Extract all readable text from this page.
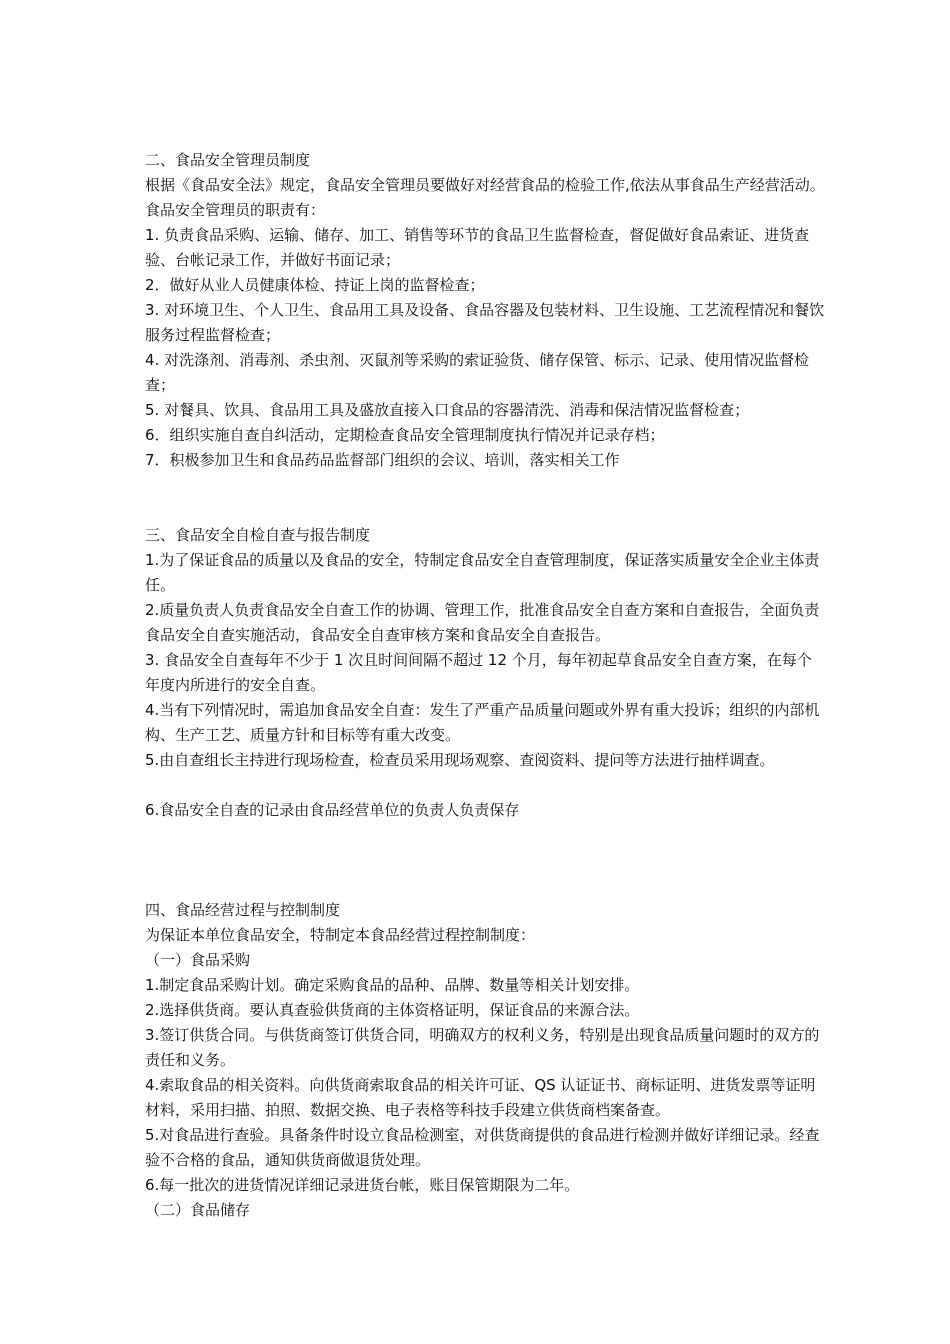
二、食品安全管理员制度

根据《食品安全法》规定，食品安全管理员要做好对经营食品的检验工作,依法从事食品生产经营活动。食品安全管理员的职责有：

1. 负责食品采购、运输、储存、加工、销售等环节的食品卫生监督检查，督促做好食品索证、进货查验、台帐记录工作，并做好书面记录；

2．做好从业人员健康体检、持证上岗的监督检查；

3. 对环境卫生、个人卫生、食品用工具及设备、食品容器及包装材料、卫生设施、工艺流程情况和餐饮服务过程监督检查；

4. 对洗涤剂、消毒剂、杀虫剂、灭鼠剂等采购的索证验货、储存保管、标示、记录、使用情况监督检查；

5. 对餐具、饮具、食品用工具及盛放直接入口食品的容器清洗、消毒和保洁情况监督检查；

6．组织实施自查自纠活动，定期检查食品安全管理制度执行情况并记录存档；

7．积极参加卫生和食品药品监督部门组织的会议、培训，落实相关工作

三、食品安全自检自查与报告制度

1.为了保证食品的质量以及食品的安全，特制定食品安全自查管理制度，保证落实质量安全企业主体责任。

2.质量负责人负责食品安全自查工作的协调、管理工作，批准食品安全自查方案和自查报告，全面负责食品安全自查实施活动，食品安全自查审核方案和食品安全自查报告。

3. 食品安全自查每年不少于 1 次且时间间隔不超过 12 个月，每年初起草食品安全自查方案，在每个年度内所进行的安全自查。

4.当有下列情况时，需追加食品安全自查：发生了严重产品质量问题或外界有重大投诉；组织的内部机构、生产工艺、质量方针和目标等有重大改变。

5.由自查组长主持进行现场检查，检查员采用现场观察、查阅资料、提问等方法进行抽样调查。

6.食品安全自查的记录由食品经营单位的负责人负责保存

四、食品经营过程与控制制度

为保证本单位食品安全，特制定本食品经营过程控制制度：

（一）食品采购

1.制定食品采购计划。确定采购食品的品种、品牌、数量等相关计划安排。

2.选择供货商。要认真查验供货商的主体资格证明，保证食品的来源合法。

3.签订供货合同。与供货商签订供货合同，明确双方的权利义务，特别是出现食品质量问题时的双方的责任和义务。

4.索取食品的相关资料。向供货商索取食品的相关许可证、QS 认证证书、商标证明、进货发票等证明材料，采用扫描、拍照、数据交换、电子表格等科技手段建立供货商档案备查。

5.对食品进行查验。具备条件时设立食品检测室，对供货商提供的食品进行检测并做好详细记录。经查验不合格的食品，通知供货商做退货处理。

6.每一批次的进货情况详细记录进货台帐，账目保管期限为二年。

（二）食品储存
